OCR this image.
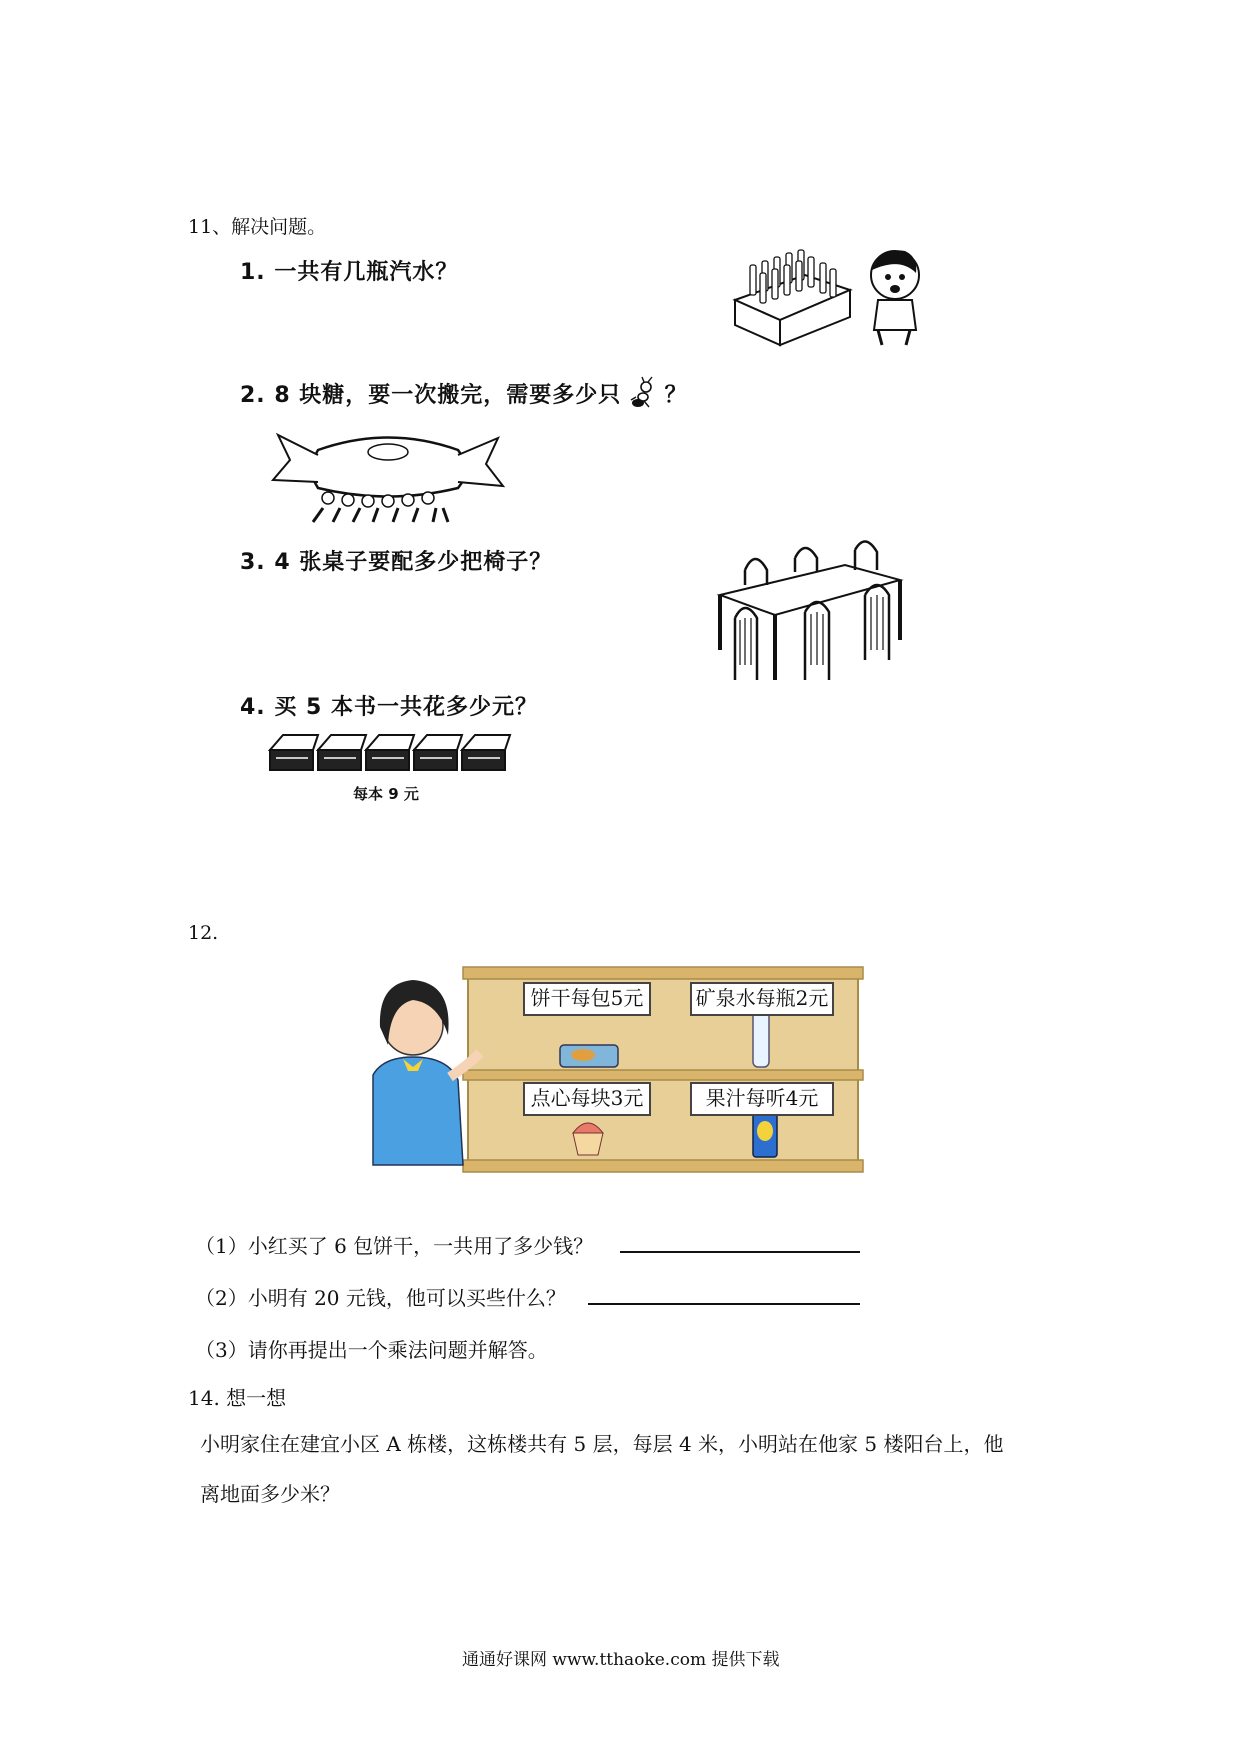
11、解决问题。
1. 一共有几瓶汽水？
2. 8 块糖，要一次搬完，需要多少只 ？
3. 4 张桌子要配多少把椅子？
4. 买 5 本书一共花多少元？
每本 9 元
12.
饼干每包5元	矿泉水每瓶2元
点心每块3元	果汁每听4元
（1）小红买了 6 包饼干，一共用了多少钱？
（2）小明有 20 元钱，他可以买些什么？
（3）请你再提出一个乘法问题并解答。
14. 想一想
小明家住在建宜小区 A 栋楼，这栋楼共有 5 层，每层 4 米，小明站在他家 5 楼阳台上，他
离地面多少米？
通通好课网 www.tthaoke.com 提供下载
